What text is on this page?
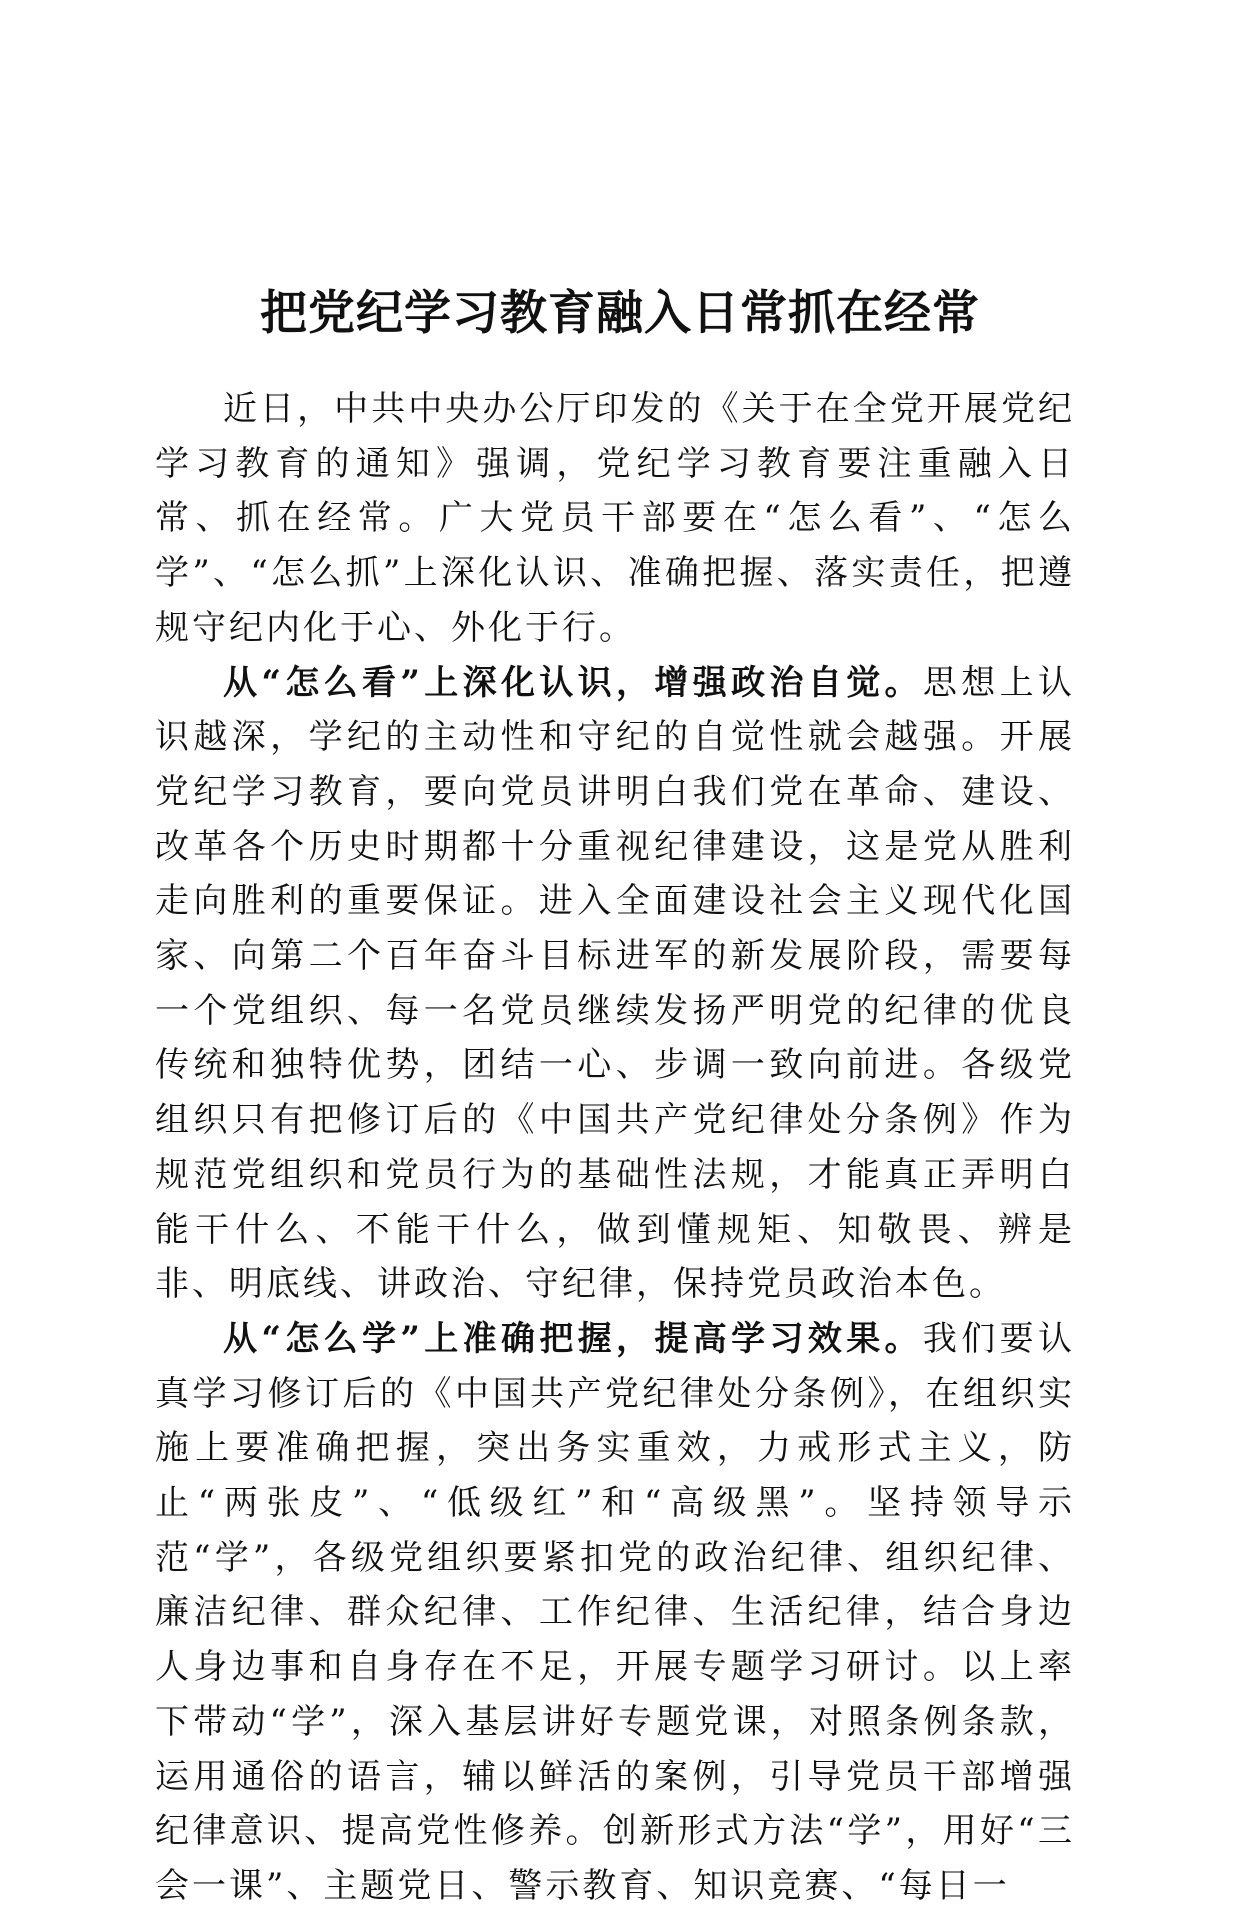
把党纪学习教育融入日常抓在经常

近日，中共中央办公厅印发的《关于在全党开展党纪学习教育的通知》强调，党纪学习教育要注重融入日常、抓在经常。广大党员干部要在“怎么看”、“怎么学”、“怎么抓”上深化认识、准确把握、落实责任，把遵规守纪内化于心、外化于行。

从“怎么看”上深化认识，增强政治自觉。思想上认识越深，学纪的主动性和守纪的自觉性就会越强。开展党纪学习教育，要向党员讲明白我们党在革命、建设、改革各个历史时期都十分重视纪律建设，这是党从胜利走向胜利的重要保证。进入全面建设社会主义现代化国家、向第二个百年奋斗目标进军的新发展阶段，需要每一个党组织、每一名党员继续发扬严明党的纪律的优良传统和独特优势，团结一心、步调一致向前进。各级党组织只有把修订后的《中国共产党纪律处分条例》作为规范党组织和党员行为的基础性法规，才能真正弄明白能干什么、不能干什么，做到懂规矩、知敬畏、辨是非、明底线、讲政治、守纪律，保持党员政治本色。

从“怎么学”上准确把握，提高学习效果。我们要认真学习修订后的《中国共产党纪律处分条例》，在组织实施上要准确把握，突出务实重效，力戒形式主义，防止“两张皮”、“低级红”和“高级黑”。坚持领导示范“学”，各级党组织要紧扣党的政治纪律、组织纪律、廉洁纪律、群众纪律、工作纪律、生活纪律，结合身边人身边事和自身存在不足，开展专题学习研讨。以上率下带动“学”，深入基层讲好专题党课，对照条例条款，运用通俗的语言，辅以鲜活的案例，引导党员干部增强纪律意识、提高党性修养。创新形式方法“学”，用好“三会一课”、主题党日、警示教育、知识竞赛、“每日一
